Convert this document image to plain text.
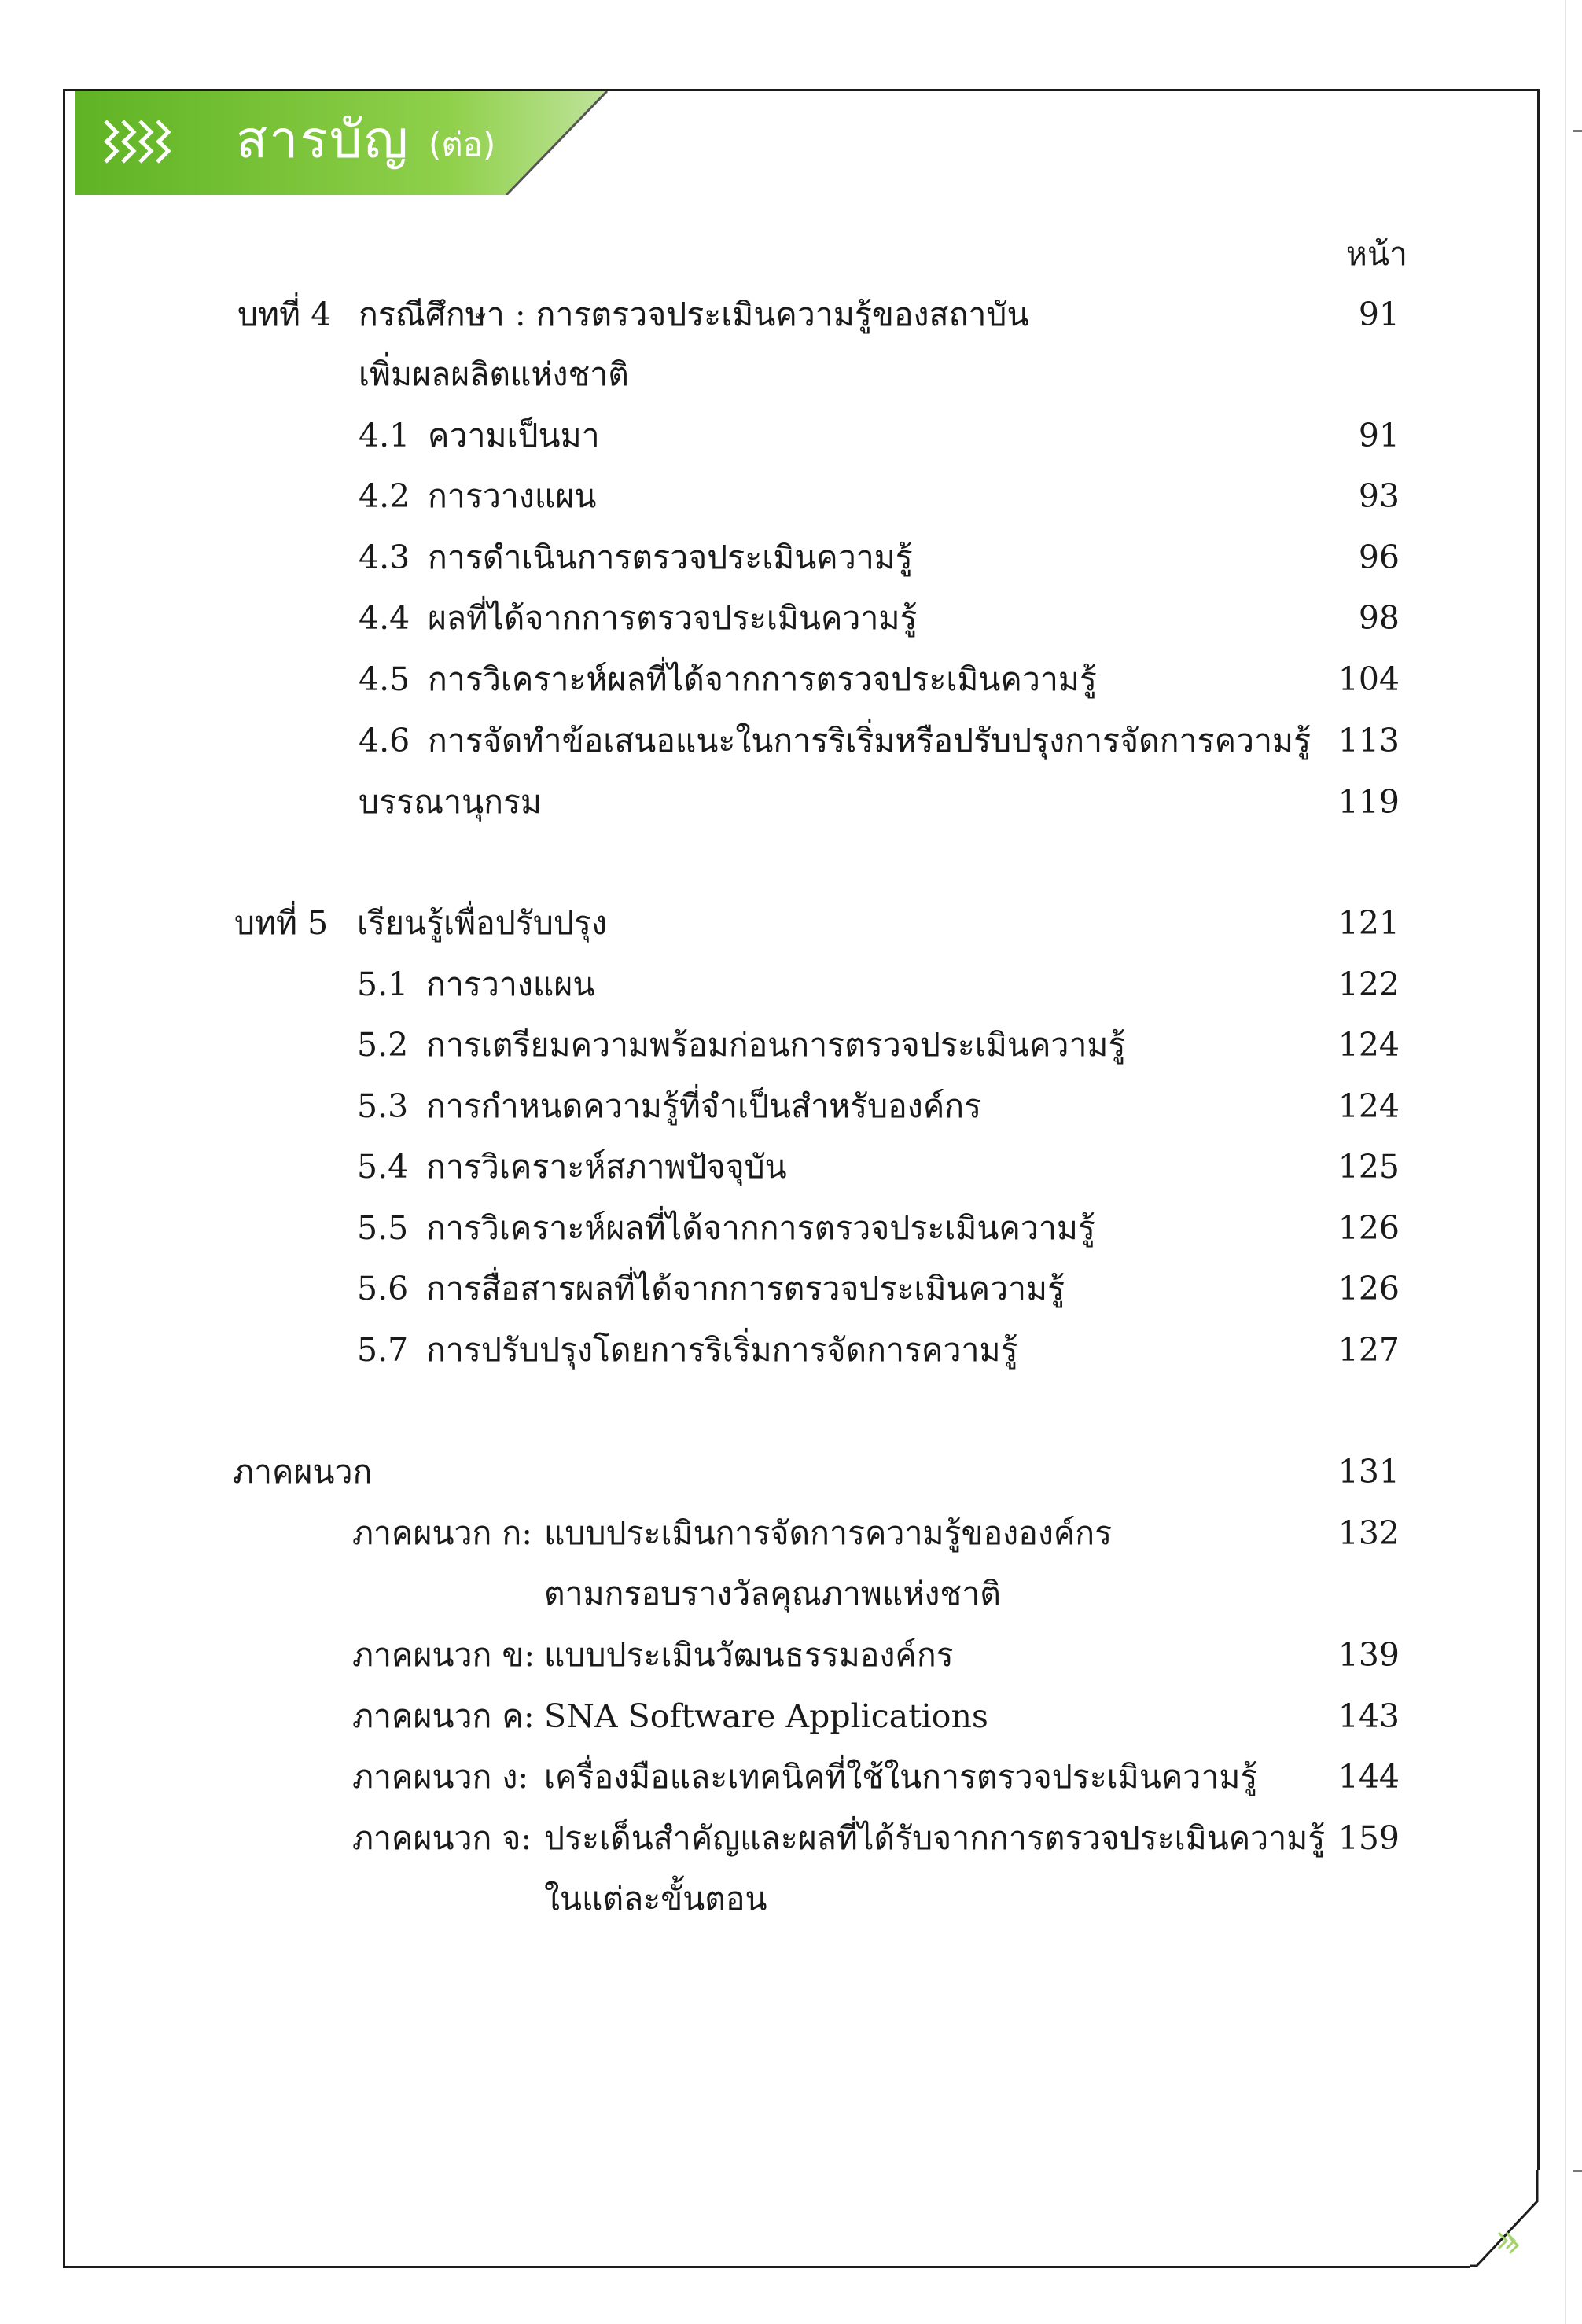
สารบัญ (ต่อ)
หน้า
บทที่ 4 กรณีศึกษา : การตรวจประเมินความรู้ของสถาบัน	91
เพิ่มผลผลิตแห่งชาติ
4.1 ความเป็นมา	91
4.2 การวางแผน	93
4.3 การดำเนินการตรวจประเมินความรู้	96
4.4 ผลที่ได้จากการตรวจประเมินความรู้	98
4.5 การวิเคราะห์ผลที่ได้จากการตรวจประเมินความรู้	104
4.6 การจัดทำข้อเสนอแนะในการริเริ่มหรือปรับปรุงการจัดการความรู้ 113
บรรณานุกรม	119
บทที่ 5 เรียนรู้เพื่อปรับปรุง	121
5.1 การวางแผน	122
5.2 การเตรียมความพร้อมก่อนการตรวจประเมินความรู้	124
5.3 การกำหนดความรู้ที่จำเป็นสำหรับองค์กร	124
5.4 การวิเคราะห์สภาพปัจจุบัน	125
5.5 การวิเคราะห์ผลที่ได้จากการตรวจประเมินความรู้	126
5.6 การสื่อสารผลที่ได้จากการตรวจประเมินความรู้	126
5.7 การปรับปรุงโดยการริเริ่มการจัดการความรู้	127
ภาคผนวก	131
ภาคผนวก ก: แบบประเมินการจัดการความรู้ขององค์กร	132
ตามกรอบรางวัลคุณภาพแห่งชาติ
ภาคผนวก ข: แบบประเมินวัฒนธรรมองค์กร	139
ภาคผนวก ค: SNA Software Applications	143
ภาคผนวก ง: เครื่องมือและเทคนิคที่ใช้ในการตรวจประเมินความรู้ 144
ภาคผนวก จ: ประเด็นสำคัญและผลที่ได้รับจากการตรวจประเมินความรู้ 159
ในแต่ละขั้นตอน
